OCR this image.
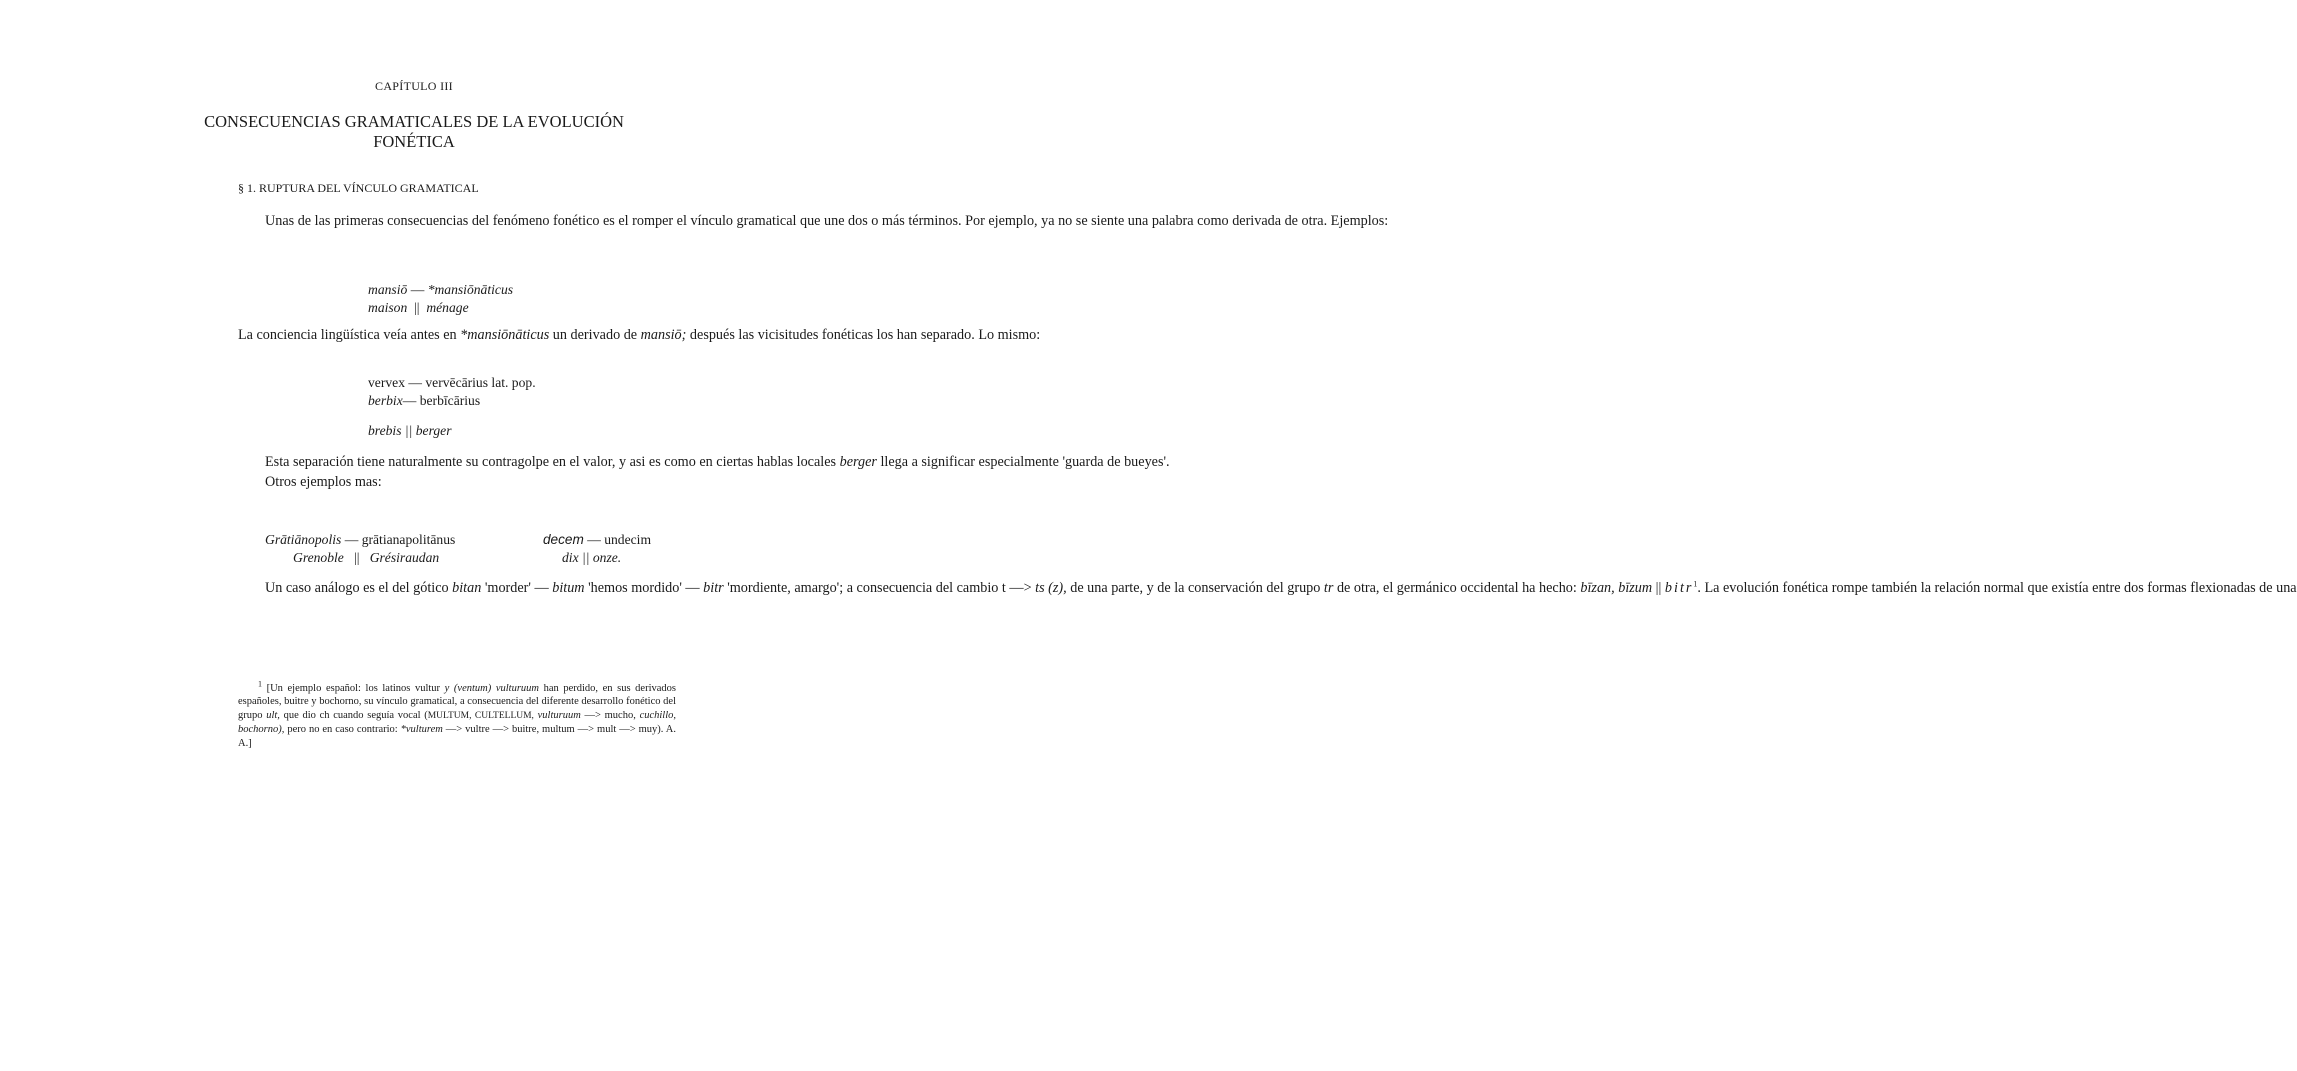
CAPÍTULO III
CONSECUENCIAS GRAMATICALES DE LA EVOLUCIÓN
FONÉTICA
§ 1. RUPTURA DEL VÍNCULO GRAMATICAL

Unas de las primeras consecuencias del fenómeno fonético es el romper el vínculo gramatical que une dos o más términos. Por ejemplo, ya no se siente una palabra como derivada de otra. Ejemplos:

mansiō — *mansiōnāticus
maison || ménage

La conciencia lingüística veía antes en *mansiōnāticus un derivado de mansiō; después las vicisitudes fonéticas los han separado. Lo mismo:

vervex — vervēcārius lat. pop.
berbix— berbīcārius
brebis || berger

Esta separación tiene naturalmente su contragolpe en el valor, y asi es como en ciertas hablas locales berger llega a significar especialmente 'guarda de bueyes'.

Otros ejemplos mas:

Grātiānopolis — grātianapolitānus
Grenoble || Grésiraudan
decem — undecim
dix || onze.

Un caso análogo es el del gótico bitan 'morder' — bitum 'hemos mordido' — bitr 'mordiente, amargo'; a consecuencia del cambio t —> ts (z), de una parte, y de la conservación del grupo tr de otra, el germánico occidental ha hecho: bīzan, bīzum || bitr$^1$. La evolución fonética rompe también la relación normal que existía entre dos formas flexionadas de una

$^1$ [Un ejemplo español: los latinos vultur y (ventum) vulturuum han perdido, en sus derivados españoles, buitre y bochorno, su vínculo gramatical, a consecuencia del diferente desarrollo fonético del grupo ult, que dio ch cuando seguía vocal (MULTUM, CULTELLUM, vulturuum —> mucho, cuchillo, bochorno), pero no en caso contrario: *vulturem —> vultre —> buitre, multum —> mult —> muy). A. A.]
